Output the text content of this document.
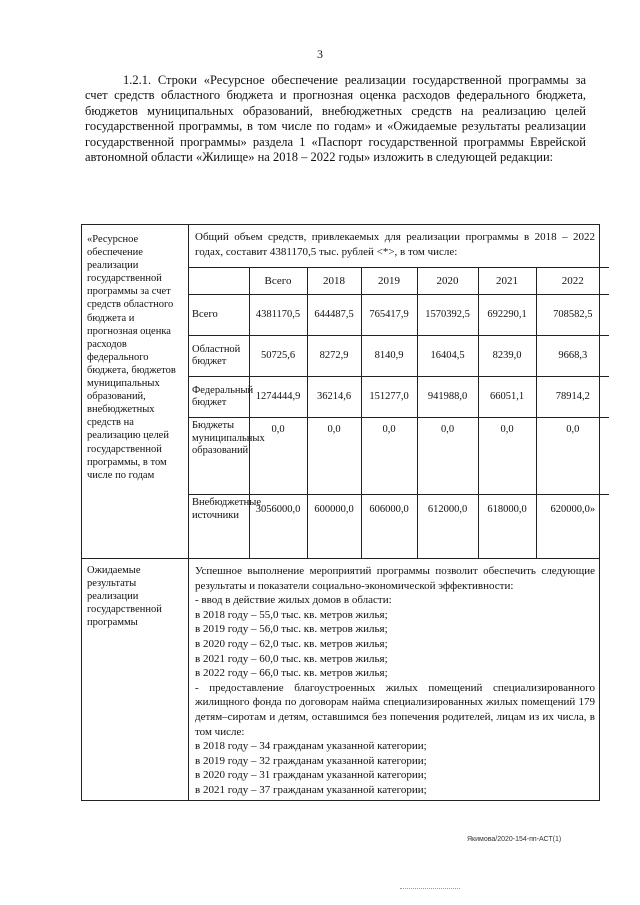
3

1.2.1. Строки «Ресурсное обеспечение реализации государственной программы за счет средств областного бюджета и прогнозная оценка расходов федерального бюджета, бюджетов муниципальных образований, внебюджетных средств на реализацию целей государственной программы, в том числе по годам» и «Ожидаемые результаты реализации государственной программы» раздела 1 «Паспорт государственной программы Еврейской автономной области «Жилище» на 2018 – 2022 годы» изложить в следующей редакции:

«Ресурсное обеспечение реализации государственной программы за счет средств областного бюджета и прогнозная оценка расходов федерального бюджета, бюджетов муниципальных образований, внебюджетных средств на реализацию целей государственной программы, в том числе по годам	
Общий объем средств, привлекаемых для реализации программы в 2018 – 2022 годах, составит 4381170,5 тыс. рублей <*>, в том числе:
	Всего	2018	2019	2020	2021	2022
Всего	4381170,5	644487,5	765417,9	1570392,5	692290,1	708582,5
Областной бюджет	50725,6	8272,9	8140,9	16404,5	8239,0	9668,3
Федеральный бюджет	1274444,9	36214,6	151277,0	941988,0	66051,1	78914,2
Бюджеты муниципальных образований	0,0	0,0	0,0	0,0	0,0	0,0
Внебюджетные источники	3056000,0	600000,0	606000,0	612000,0	618000,0	620000,0»

Ожидаемые результаты реализации государственной программы	

Успешное выполнение мероприятий программы позволит обеспечить следующие результаты и показатели социально-экономической эффективности:

- ввод в действие жилых домов в области:

в 2018 году – 55,0 тыс. кв. метров жилья;

в 2019 году – 56,0 тыс. кв. метров жилья;

в 2020 году – 62,0 тыс. кв. метров жилья;

в 2021 году – 60,0 тыс. кв. метров жилья;

в 2022 году – 66,0 тыс. кв. метров жилья;

- предоставление благоустроенных жилых помещений специализированного жилищного фонда по договорам найма специализированных жилых помещений 179 детям–сиротам и детям, оставшимся без попечения родителей, лицам из их числа, в том числе:

в 2018 году – 34 гражданам указанной категории;

в 2019 году – 32 гражданам указанной категории;

в 2020 году – 31 гражданам указанной категории;

в 2021 году – 37 гражданам указанной категории;

Якимова/2020-154-пп-АСТ(1)
